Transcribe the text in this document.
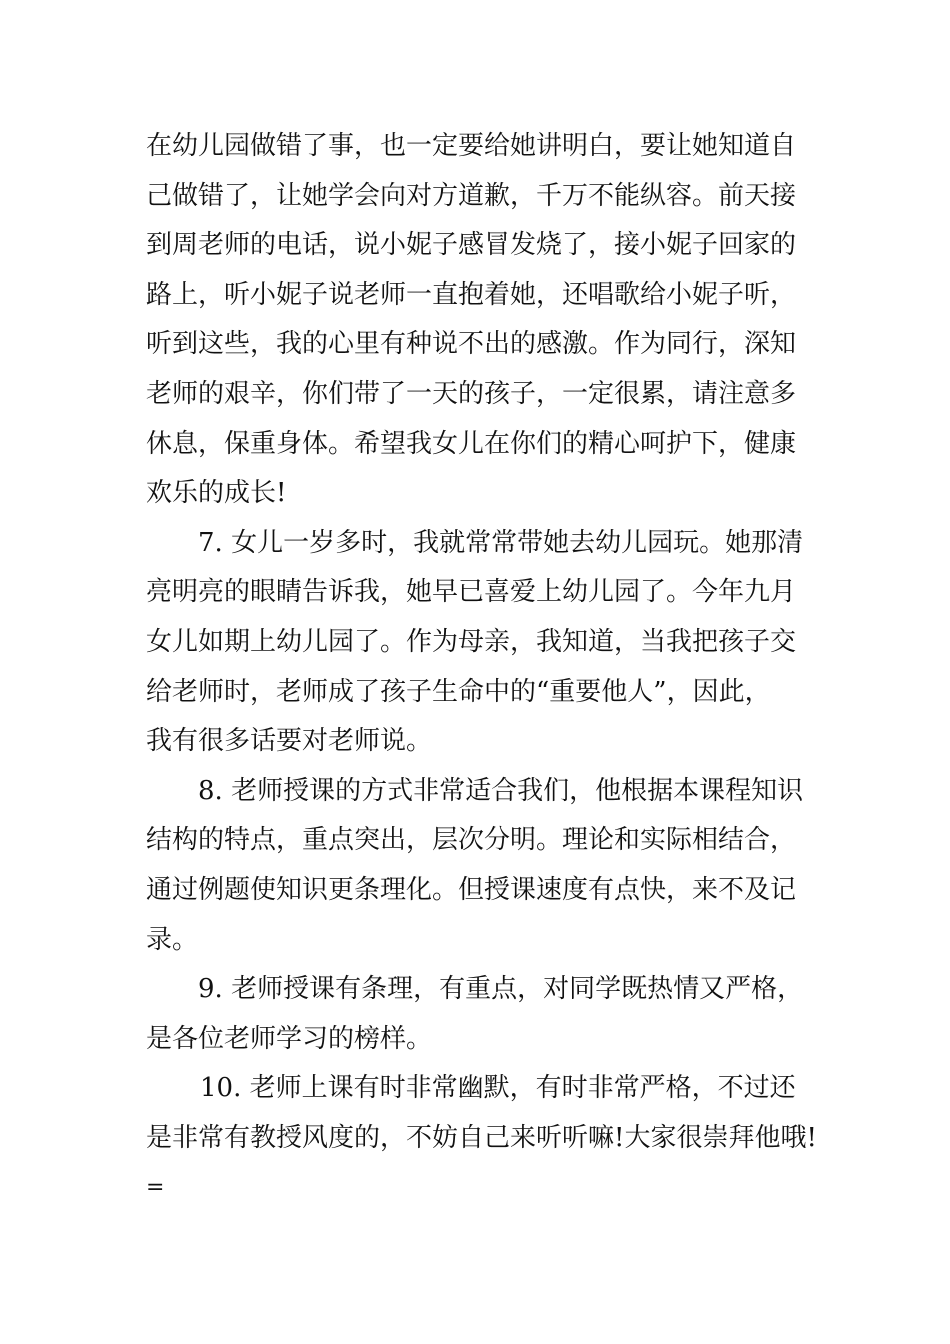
在幼儿园做错了事，也一定要给她讲明白，要让她知道自
己做错了，让她学会向对方道歉，千万不能纵容。前天接
到周老师的电话，说小妮子感冒发烧了，接小妮子回家的
路上，听小妮子说老师一直抱着她，还唱歌给小妮子听，
听到这些，我的心里有种说不出的感激。作为同行，深知
老师的艰辛，你们带了一天的孩子，一定很累，请注意多
休息，保重身体。希望我女儿在你们的精心呵护下，健康
欢乐的成长!
7. 女儿一岁多时，我就常常带她去幼儿园玩。她那清
亮明亮的眼睛告诉我，她早已喜爱上幼儿园了。今年九月
女儿如期上幼儿园了。作为母亲，我知道，当我把孩子交
给老师时，老师成了孩子生命中的“重要他人”，因此，
我有很多话要对老师说。
8. 老师授课的方式非常适合我们，他根据本课程知识
结构的特点，重点突出，层次分明。理论和实际相结合，
通过例题使知识更条理化。但授课速度有点快，来不及记
录。
9. 老师授课有条理，有重点，对同学既热情又严格，
是各位老师学习的榜样。
10. 老师上课有时非常幽默，有时非常严格，不过还
是非常有教授风度的，不妨自己来听听嘛!大家很崇拜他哦!
=
